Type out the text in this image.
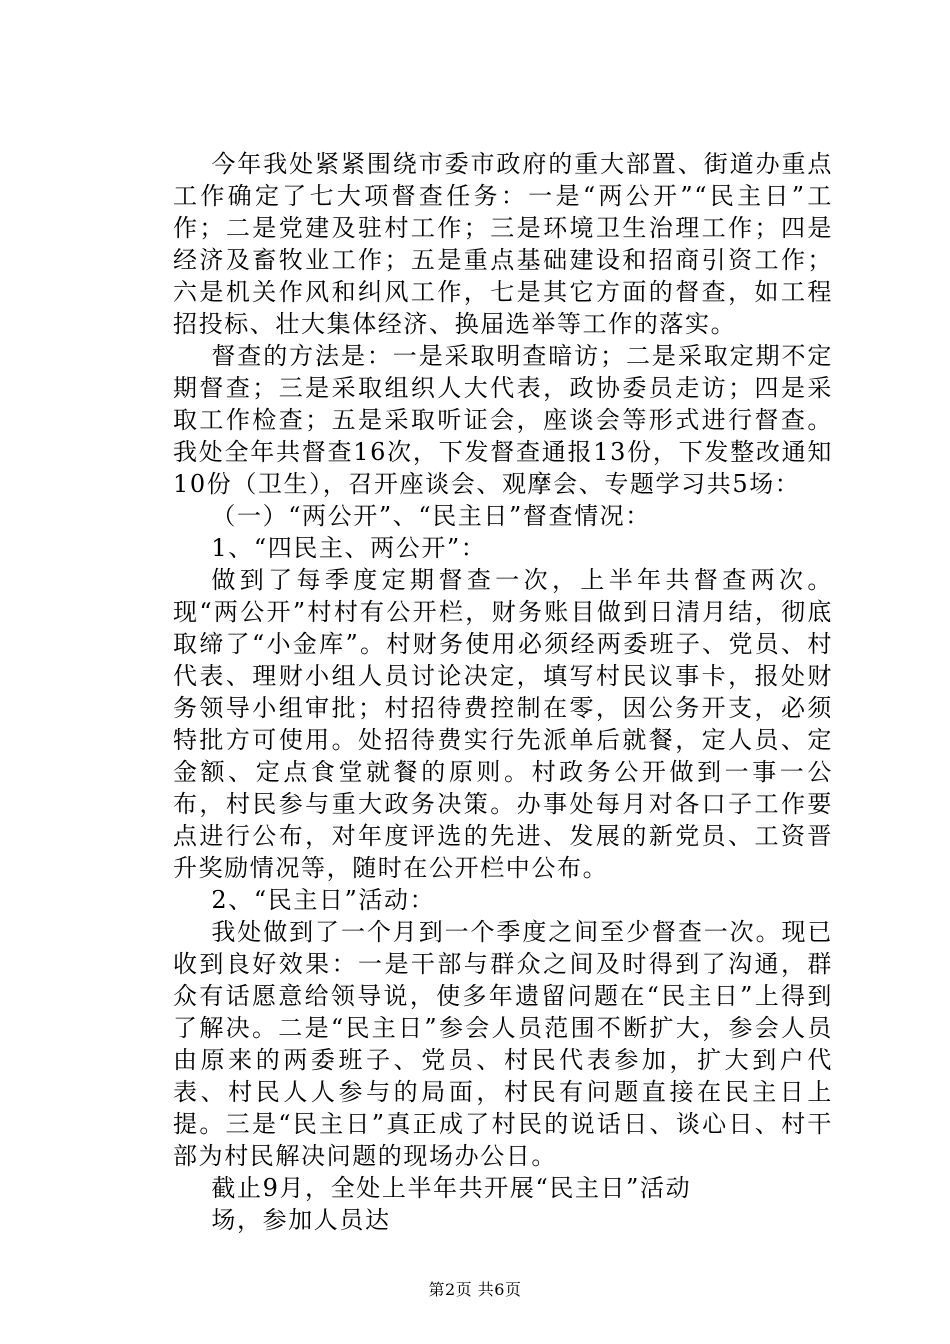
今年我处紧紧围绕市委市政府的重大部置、街道办重点工作确定了七大项督查任务：一是“两公开”“民主日”工作；二是党建及驻村工作；三是环境卫生治理工作；四是经济及畜牧业工作；五是重点基础建设和招商引资工作；六是机关作风和纠风工作，七是其它方面的督查，如工程招投标、壮大集体经济、换届选举等工作的落实。

督查的方法是：一是采取明查暗访；二是采取定期不定期督查；三是采取组织人大代表，政协委员走访；四是采取工作检查；五是采取听证会，座谈会等形式进行督查。我处全年共督查16次，下发督查通报13份，下发整改通知10份（卫生），召开座谈会、观摩会、专题学习共5场：

（一）“两公开”、“民主日”督查情况：

1、“四民主、两公开”：

做到了每季度定期督查一次，上半年共督查两次。现“两公开”村村有公开栏，财务账目做到日清月结，彻底取缔了“小金库”。村财务使用必须经两委班子、党员、村代表、理财小组人员讨论决定，填写村民议事卡，报处财务领导小组审批；村招待费控制在零，因公务开支，必须特批方可使用。处招待费实行先派单后就餐，定人员、定金额、定点食堂就餐的原则。村政务公开做到一事一公布，村民参与重大政务决策。办事处每月对各口子工作要点进行公布，对年度评选的先进、发展的新党员、工资晋升奖励情况等，随时在公开栏中公布。

2、“民主日”活动：

我处做到了一个月到一个季度之间至少督查一次。现已收到良好效果：一是干部与群众之间及时得到了沟通，群众有话愿意给领导说，使多年遗留问题在“民主日”上得到了解决。二是“民主日”参会人员范围不断扩大，参会人员由原来的两委班子、党员、村民代表参加，扩大到户代表、村民人人参与的局面，村民有问题直接在民主日上提。三是“民主日”真正成了村民的说话日、谈心日、村干部为村民解决问题的现场办公日。

截止9月，全处上半年共开展“民主日”活动

场，参加人员达

第2页 共6页
